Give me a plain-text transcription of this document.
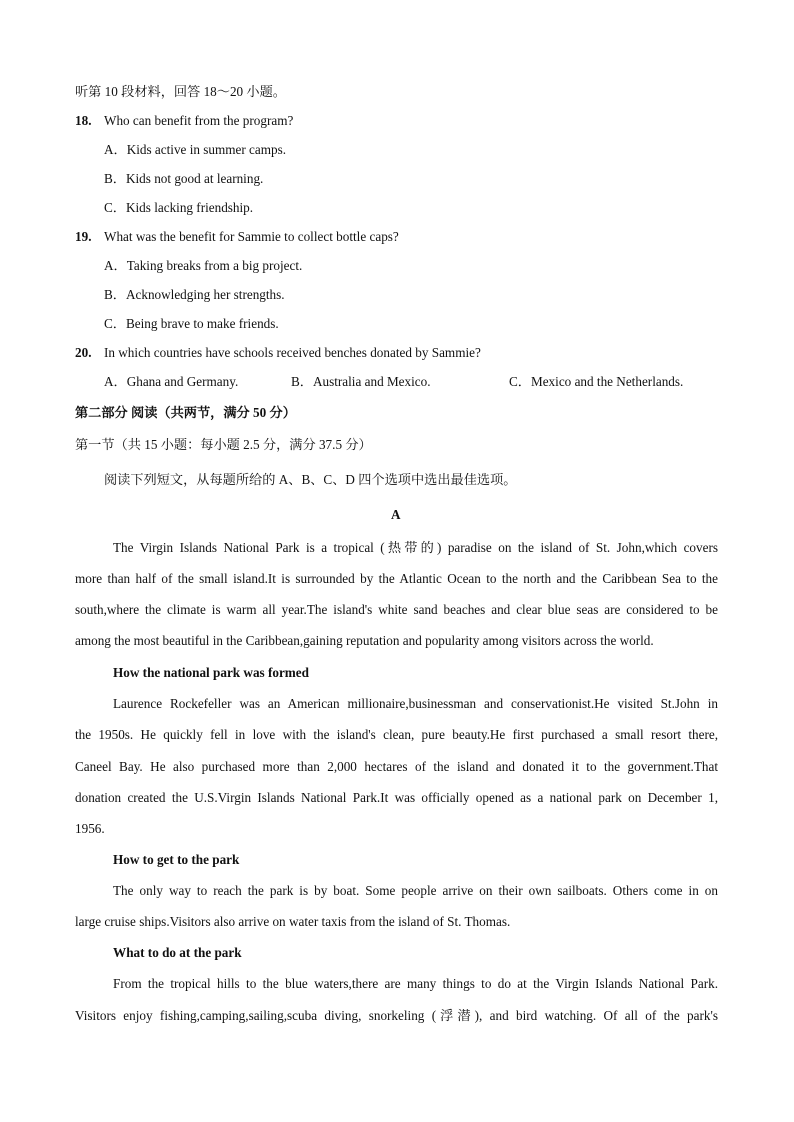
听第 10 段材料，回答 18～20 小题。
18. Who can benefit from the program?
A．Kids active in summer camps.
B．Kids not good at learning.
C．Kids lacking friendship.
19. What was the benefit for Sammie to collect bottle caps?
A．Taking breaks from a big project.
B．Acknowledging her strengths.
C．Being brave to make friends.
20. In which countries have schools received benches donated by Sammie?
A．Ghana and Germany.	B．Australia and Mexico.	C．Mexico and the Netherlands.
第二部分 阅读（共两节，满分 50 分）
第一节（共 15 小题：每小题 2.5 分，满分 37.5 分）
阅读下列短文，从每题所给的 A、B、C、D 四个选项中选出最佳选项。
A
The Virgin Islands National Park is a tropical (热带的) paradise on the island of St. John,which covers
more than half of the small island.It is surrounded by the Atlantic Ocean to the north and the Caribbean Sea to the
south,where the climate is warm all year.The island's white sand beaches and clear blue seas are considered to be
among the most beautiful in the Caribbean,gaining reputation and popularity among visitors across the world.
How the national park was formed
Laurence Rockefeller was an American millionaire,businessman and conservationist.He visited St.John in
the 1950s. He quickly fell in love with the island's clean, pure beauty.He first purchased a small resort there,
Caneel Bay. He also purchased more than 2,000 hectares of the island and donated it to the government.That
donation created the U.S.Virgin Islands National Park.It was officially opened as a national park on December 1,
1956.
How to get to the park
The only way to reach the park is by boat. Some people arrive on their own sailboats. Others come in on
large cruise ships.Visitors also arrive on water taxis from the island of St. Thomas.
What to do at the park
From the tropical hills to the blue waters,there are many things to do at the Virgin Islands National Park.
Visitors enjoy fishing,camping,sailing,scuba diving, snorkeling (浮潜), and bird watching. Of all of the park's
